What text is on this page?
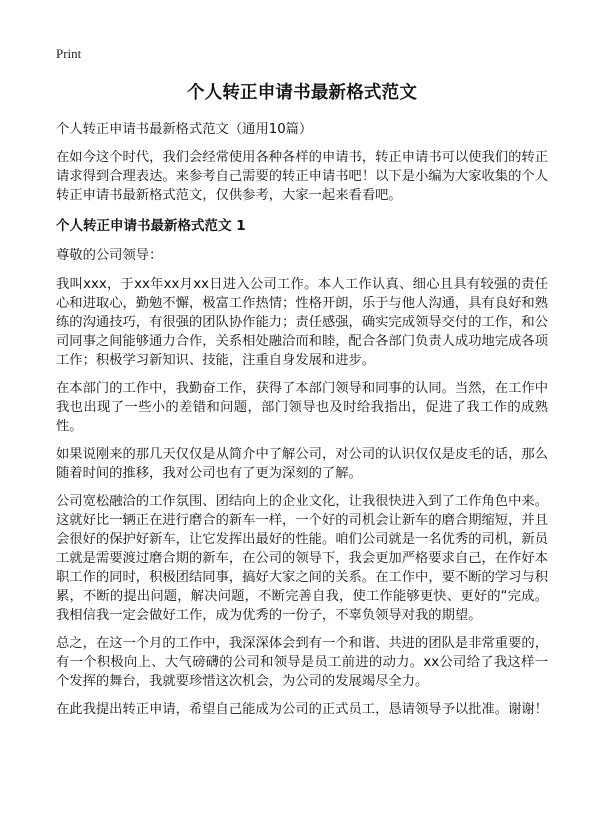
Print
个人转正申请书最新格式范文
个人转正申请书最新格式范文（通用10篇）

在如今这个时代，我们会经常使用各种各样的申请书，转正申请书可以使我们的转正请求得到合理表达。来参考自己需要的转正申请书吧！以下是小编为大家收集的个人转正申请书最新格式范文，仅供参考，大家一起来看看吧。

个人转正申请书最新格式范文 1

尊敬的公司领导：

我叫xxx，于xx年xx月xx日进入公司工作。本人工作认真、细心且具有较强的责任心和进取心，勤勉不懈，极富工作热情；性格开朗，乐于与他人沟通，具有良好和熟练的沟通技巧，有很强的团队协作能力；责任感强，确实完成领导交付的工作，和公司同事之间能够通力合作，关系相处融洽而和睦，配合各部门负责人成功地完成各项工作；积极学习新知识、技能，注重自身发展和进步。

在本部门的工作中，我勤奋工作，获得了本部门领导和同事的认同。当然，在工作中我也出现了一些小的差错和问题，部门领导也及时给我指出，促进了我工作的成熟性。

如果说刚来的那几天仅仅是从简介中了解公司，对公司的认识仅仅是皮毛的话，那么随着时间的推移，我对公司也有了更为深刻的了解。

公司宽松融洽的工作氛围、团结向上的企业文化，让我很快进入到了工作角色中来。这就好比一辆正在进行磨合的新车一样，一个好的司机会让新车的磨合期缩短，并且会很好的保护好新车，让它发挥出最好的性能。咱们公司就是一名优秀的司机，新员工就是需要渡过磨合期的新车，在公司的领导下，我会更加严格要求自己，在作好本职工作的同时，积极团结同事，搞好大家之间的关系。在工作中，要不断的学习与积累，不断的提出问题，解决问题，不断完善自我，使工作能够更快、更好的“完成。我相信我一定会做好工作，成为优秀的一份子，不辜负领导对我的期望。

总之，在这一个月的工作中，我深深体会到有一个和谐、共进的团队是非常重要的，有一个积极向上、大气磅礴的公司和领导是员工前进的动力。xx公司给了我这样一个发挥的舞台，我就要珍惜这次机会，为公司的发展竭尽全力。

在此我提出转正申请，希望自己能成为公司的正式员工，恳请领导予以批准。谢谢！
